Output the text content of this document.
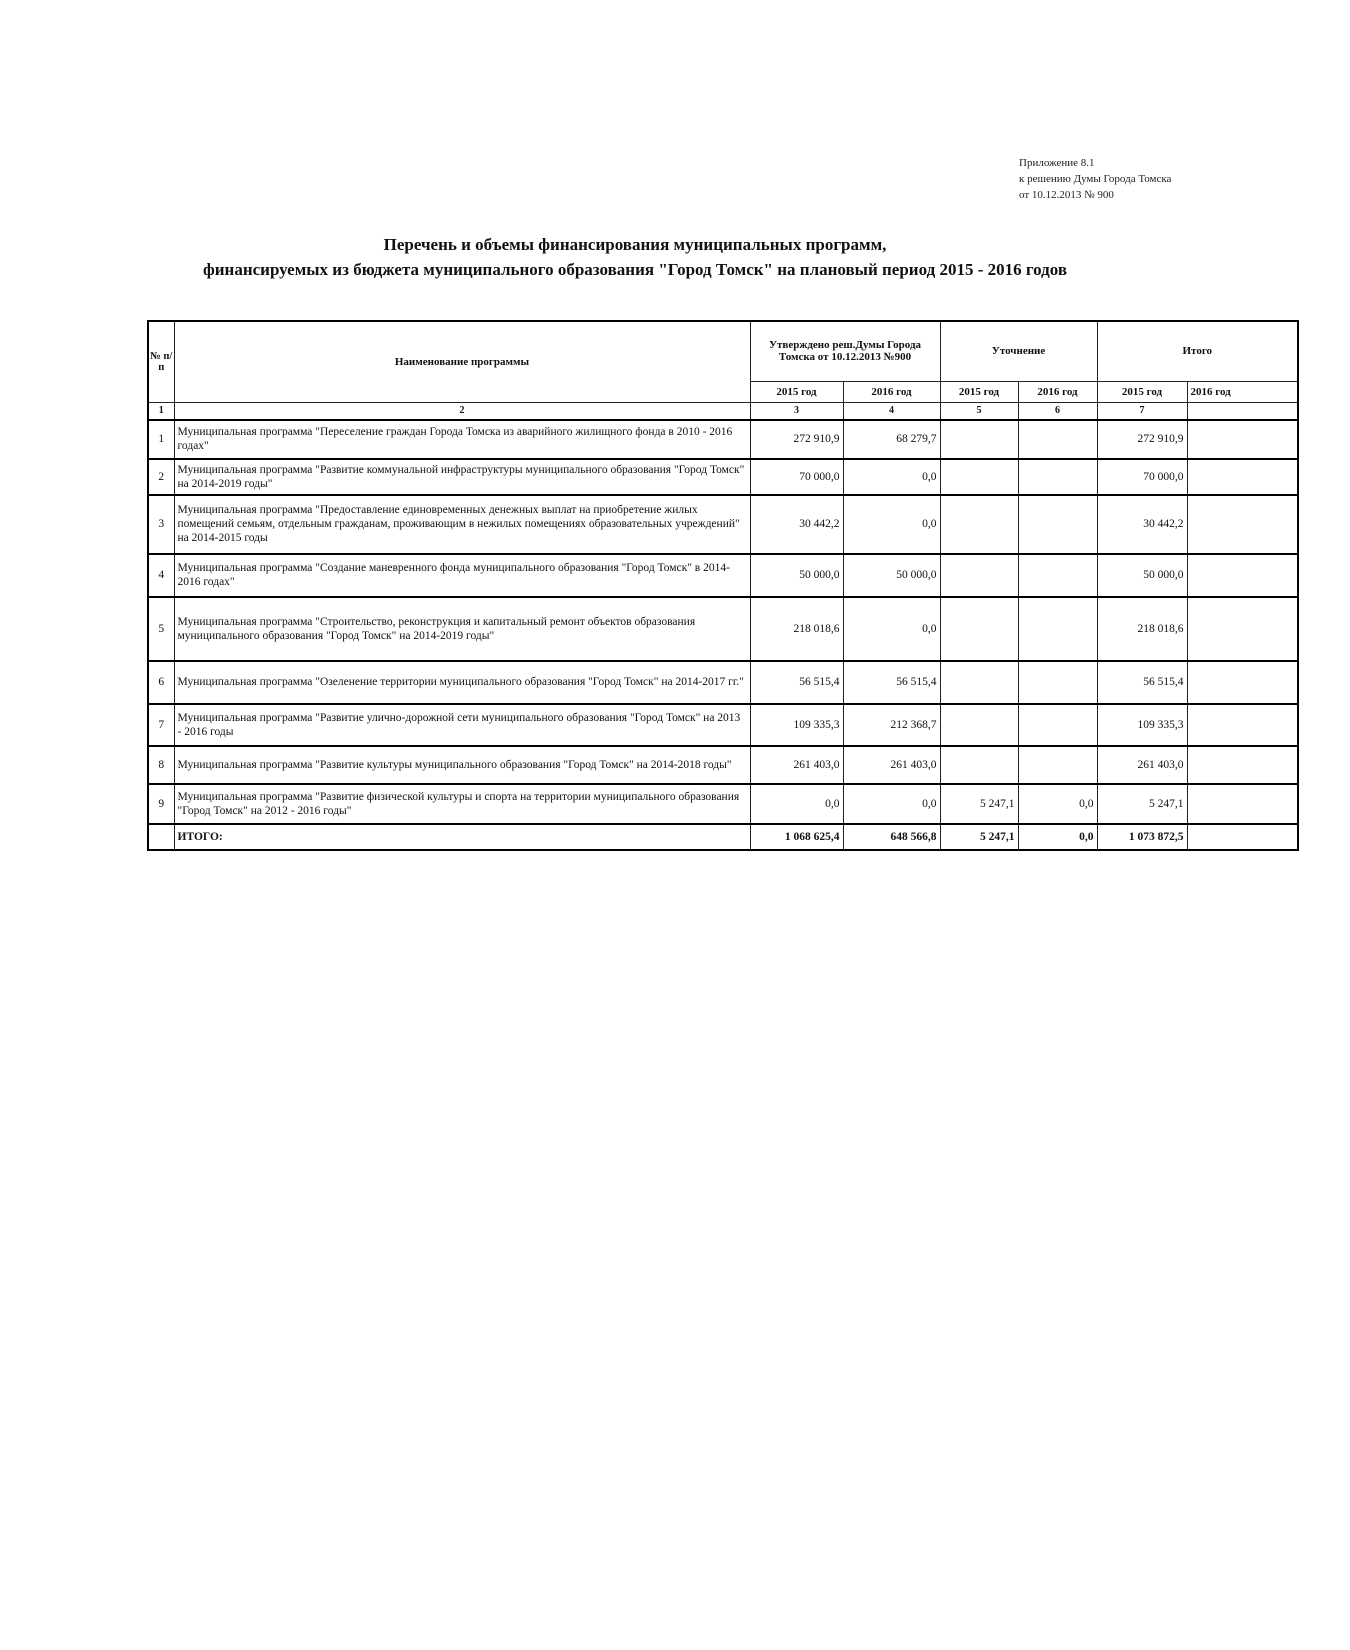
Приложение 8.1
к решению Думы Города Томска
от 10.12.2013 № 900
Перечень и объемы финансирования муниципальных программ,
финансируемых из бюджета муниципального образования "Город Томск" на плановый период 2015 - 2016 годов
№ п/ п	Наименование программы	Утверждено реш.Думы Города Томска от 10.12.2013 №900		Уточнение		Итого	
		2015 год	2016 год	2015 год	2016 год	2015 год	2016 год
1	2	3	4	5	6	7	
1	Муниципальная программа "Переселение граждан Города Томска из аварийного жилищного фонда в 2010 - 2016 годах"	272 910,9	68 279,7			272 910,9	
2	Муниципальная программа "Развитие коммунальной инфраструктуры муниципального образования "Город Томск" на 2014-2019 годы"	70 000,0	0,0			70 000,0	
3	Муниципальная программа "Предоставление единовременных денежных выплат на приобретение жилых помещений семьям, отдельным гражданам, проживающим в нежилых помещениях образовательных учреждений" на 2014-2015 годы	30 442,2	0,0			30 442,2	
4	Муниципальная программа "Создание маневренного фонда муниципального образования "Город Томск" в 2014-2016 годах"	50 000,0	50 000,0			50 000,0	
5	Муниципальная программа "Строительство, реконструкция и капитальный ремонт объектов образования муниципального образования "Город Томск" на 2014-2019 годы"	218 018,6	0,0			218 018,6	
6	Муниципальная программа "Озеленение территории муниципального образования "Город Томск" на 2014-2017 гг."	56 515,4	56 515,4			56 515,4	
7	Муниципальная программа "Развитие улично-дорожной сети муниципального образования "Город Томск" на 2013 - 2016 годы	109 335,3	212 368,7			109 335,3	
8	Муниципальная программа "Развитие культуры муниципального образования "Город Томск" на 2014-2018 годы"	261 403,0	261 403,0			261 403,0	
9	Муниципальная программа "Развитие физической культуры и спорта на территории муниципального образования "Город Томск" на 2012 - 2016 годы"	0,0	0,0	5 247,1	0,0	5 247,1	
	ИТОГО:	1 068 625,4	648 566,8	5 247,1	0,0	1 073 872,5	
